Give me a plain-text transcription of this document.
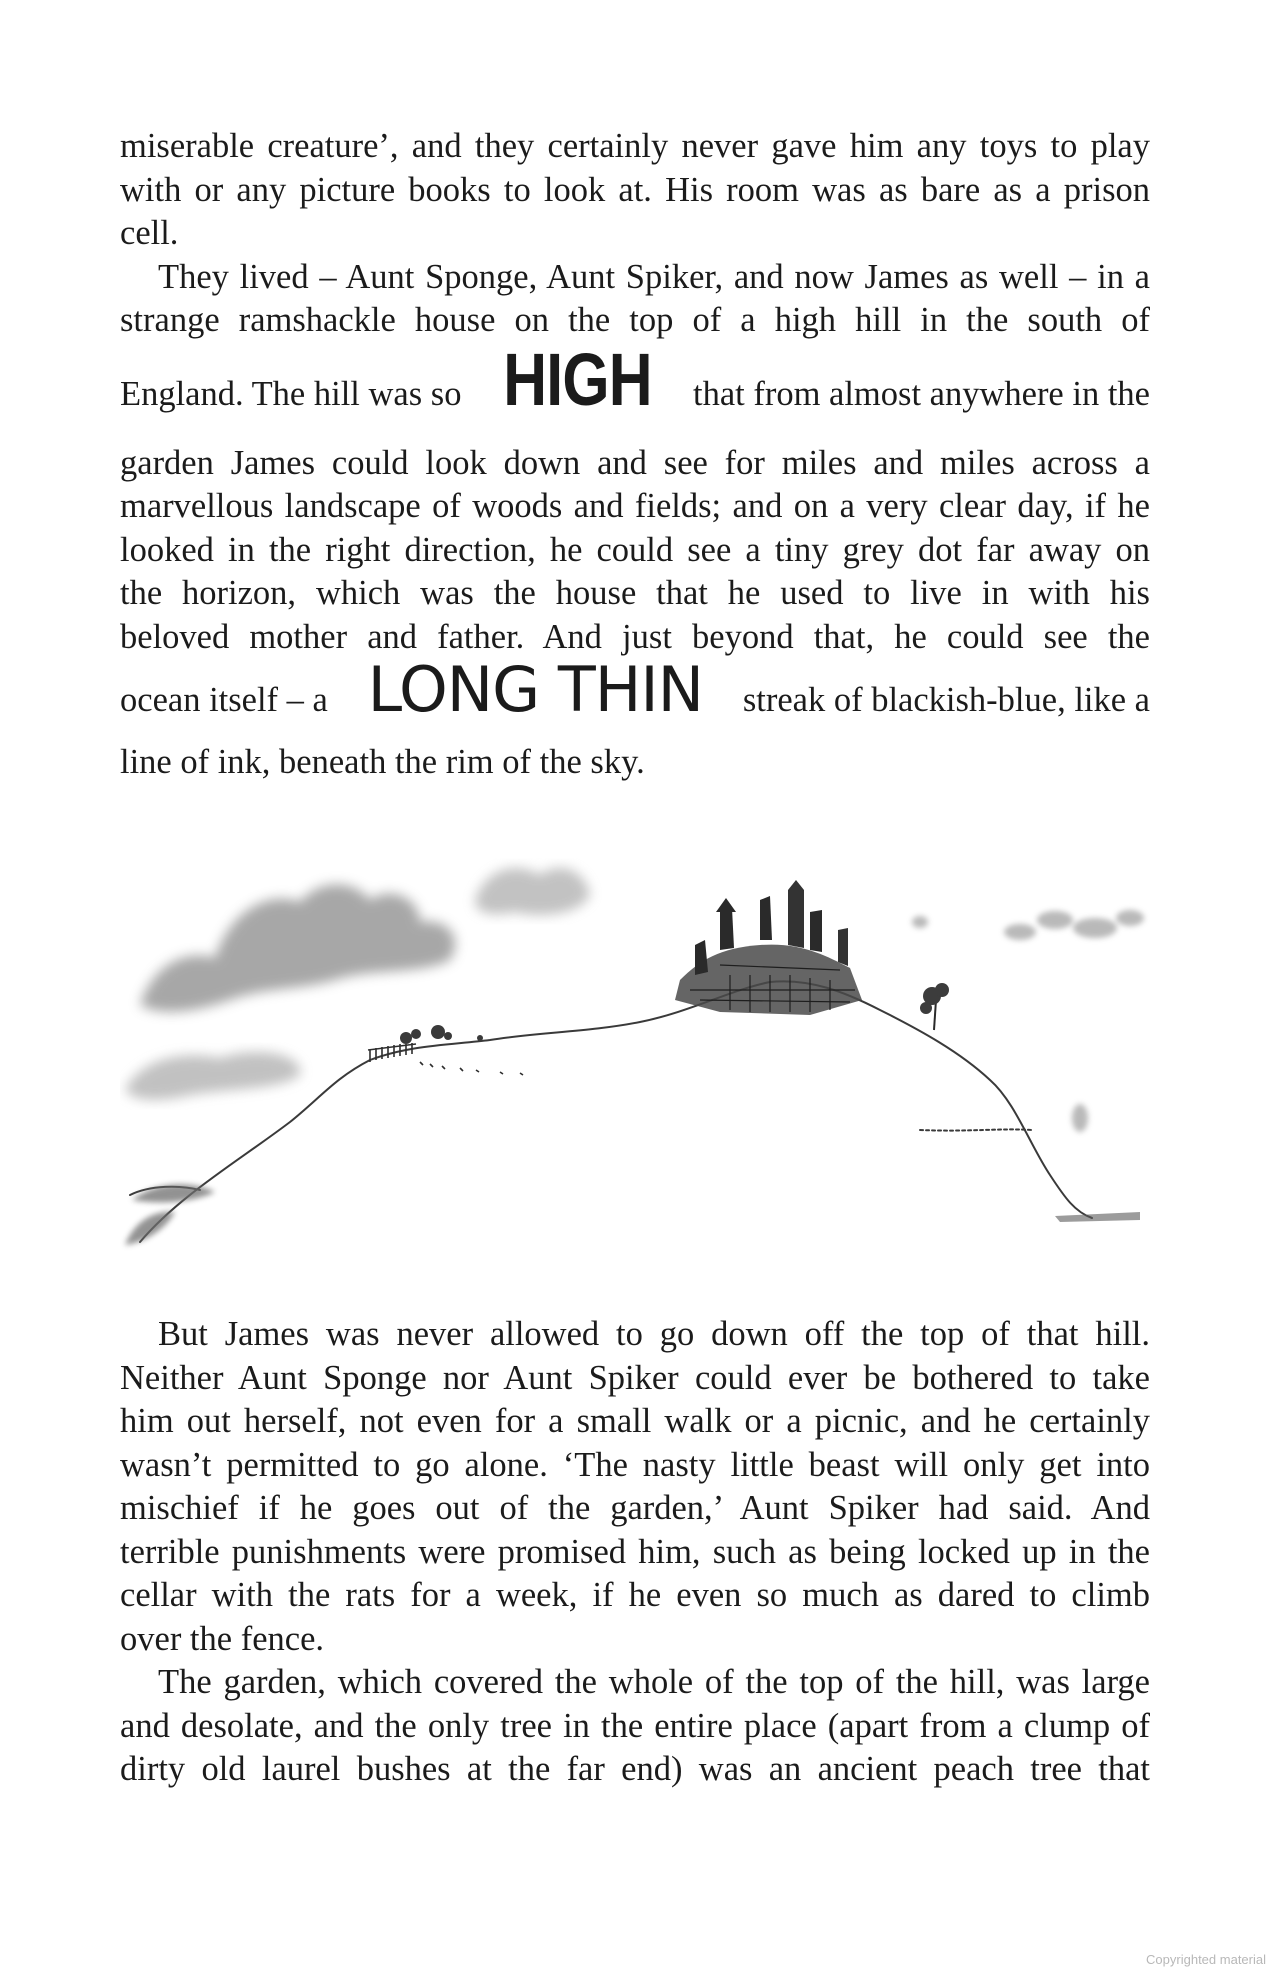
miserable creature’, and they certainly never gave him any toys to play
with or any picture books to look at. His room was as bare as a prison
cell.
They lived – Aunt Sponge, Aunt Spiker, and now James as well – in a
strange ramshackle house on the top of a high hill in the south of
England. The hill was so HIGH that from almost anywhere in the
garden James could look down and see for miles and miles across a
marvellous landscape of woods and fields; and on a very clear day, if he
looked in the right direction, he could see a tiny grey dot far away on
the horizon, which was the house that he used to live in with his
beloved mother and father. And just beyond that, he could see the
ocean itself – a LONG THIN streak of blackish-blue, like a
line of ink, beneath the rim of the sky.
But James was never allowed to go down off the top of that hill.
Neither Aunt Sponge nor Aunt Spiker could ever be bothered to take
him out herself, not even for a small walk or a picnic, and he certainly
wasn’t permitted to go alone. ‘The nasty little beast will only get into
mischief if he goes out of the garden,’ Aunt Spiker had said. And
terrible punishments were promised him, such as being locked up in the
cellar with the rats for a week, if he even so much as dared to climb
over the fence.
The garden, which covered the whole of the top of the hill, was large
and desolate, and the only tree in the entire place (apart from a clump of
dirty old laurel bushes at the far end) was an ancient peach tree that
Copyrighted material
